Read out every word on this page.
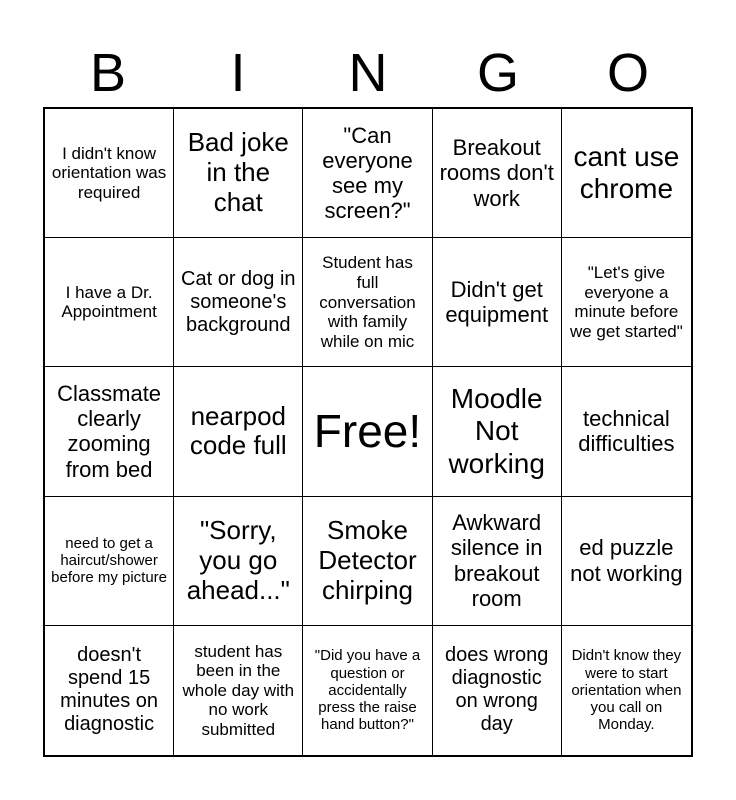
B	I	N	G	O
I didn't know orientation was required
Bad joke in the chat
"Can everyone see my screen?"
Breakout rooms don't work
cant use chrome
I have a Dr. Appointment
Cat or dog in someone's background
Student has full conversation with family while on mic
Didn't get equipment
"Let's give everyone a minute before we get started"
Classmate clearly zooming from bed
nearpod code full Free!
Moodle Not working
technical difficulties
need to get a haircut/shower before my picture
"Sorry, you go ahead..."
Smoke Detector chirping
Awkward silence in breakout room
ed puzzle not working
doesn't spend 15 minutes on diagnostic
student has been in the whole day with no work submitted
"Did you have a question or accidentally press the raise hand button?"
does wrong diagnostic on wrong day
Didn't know they were to start orientation when you call on Monday.
